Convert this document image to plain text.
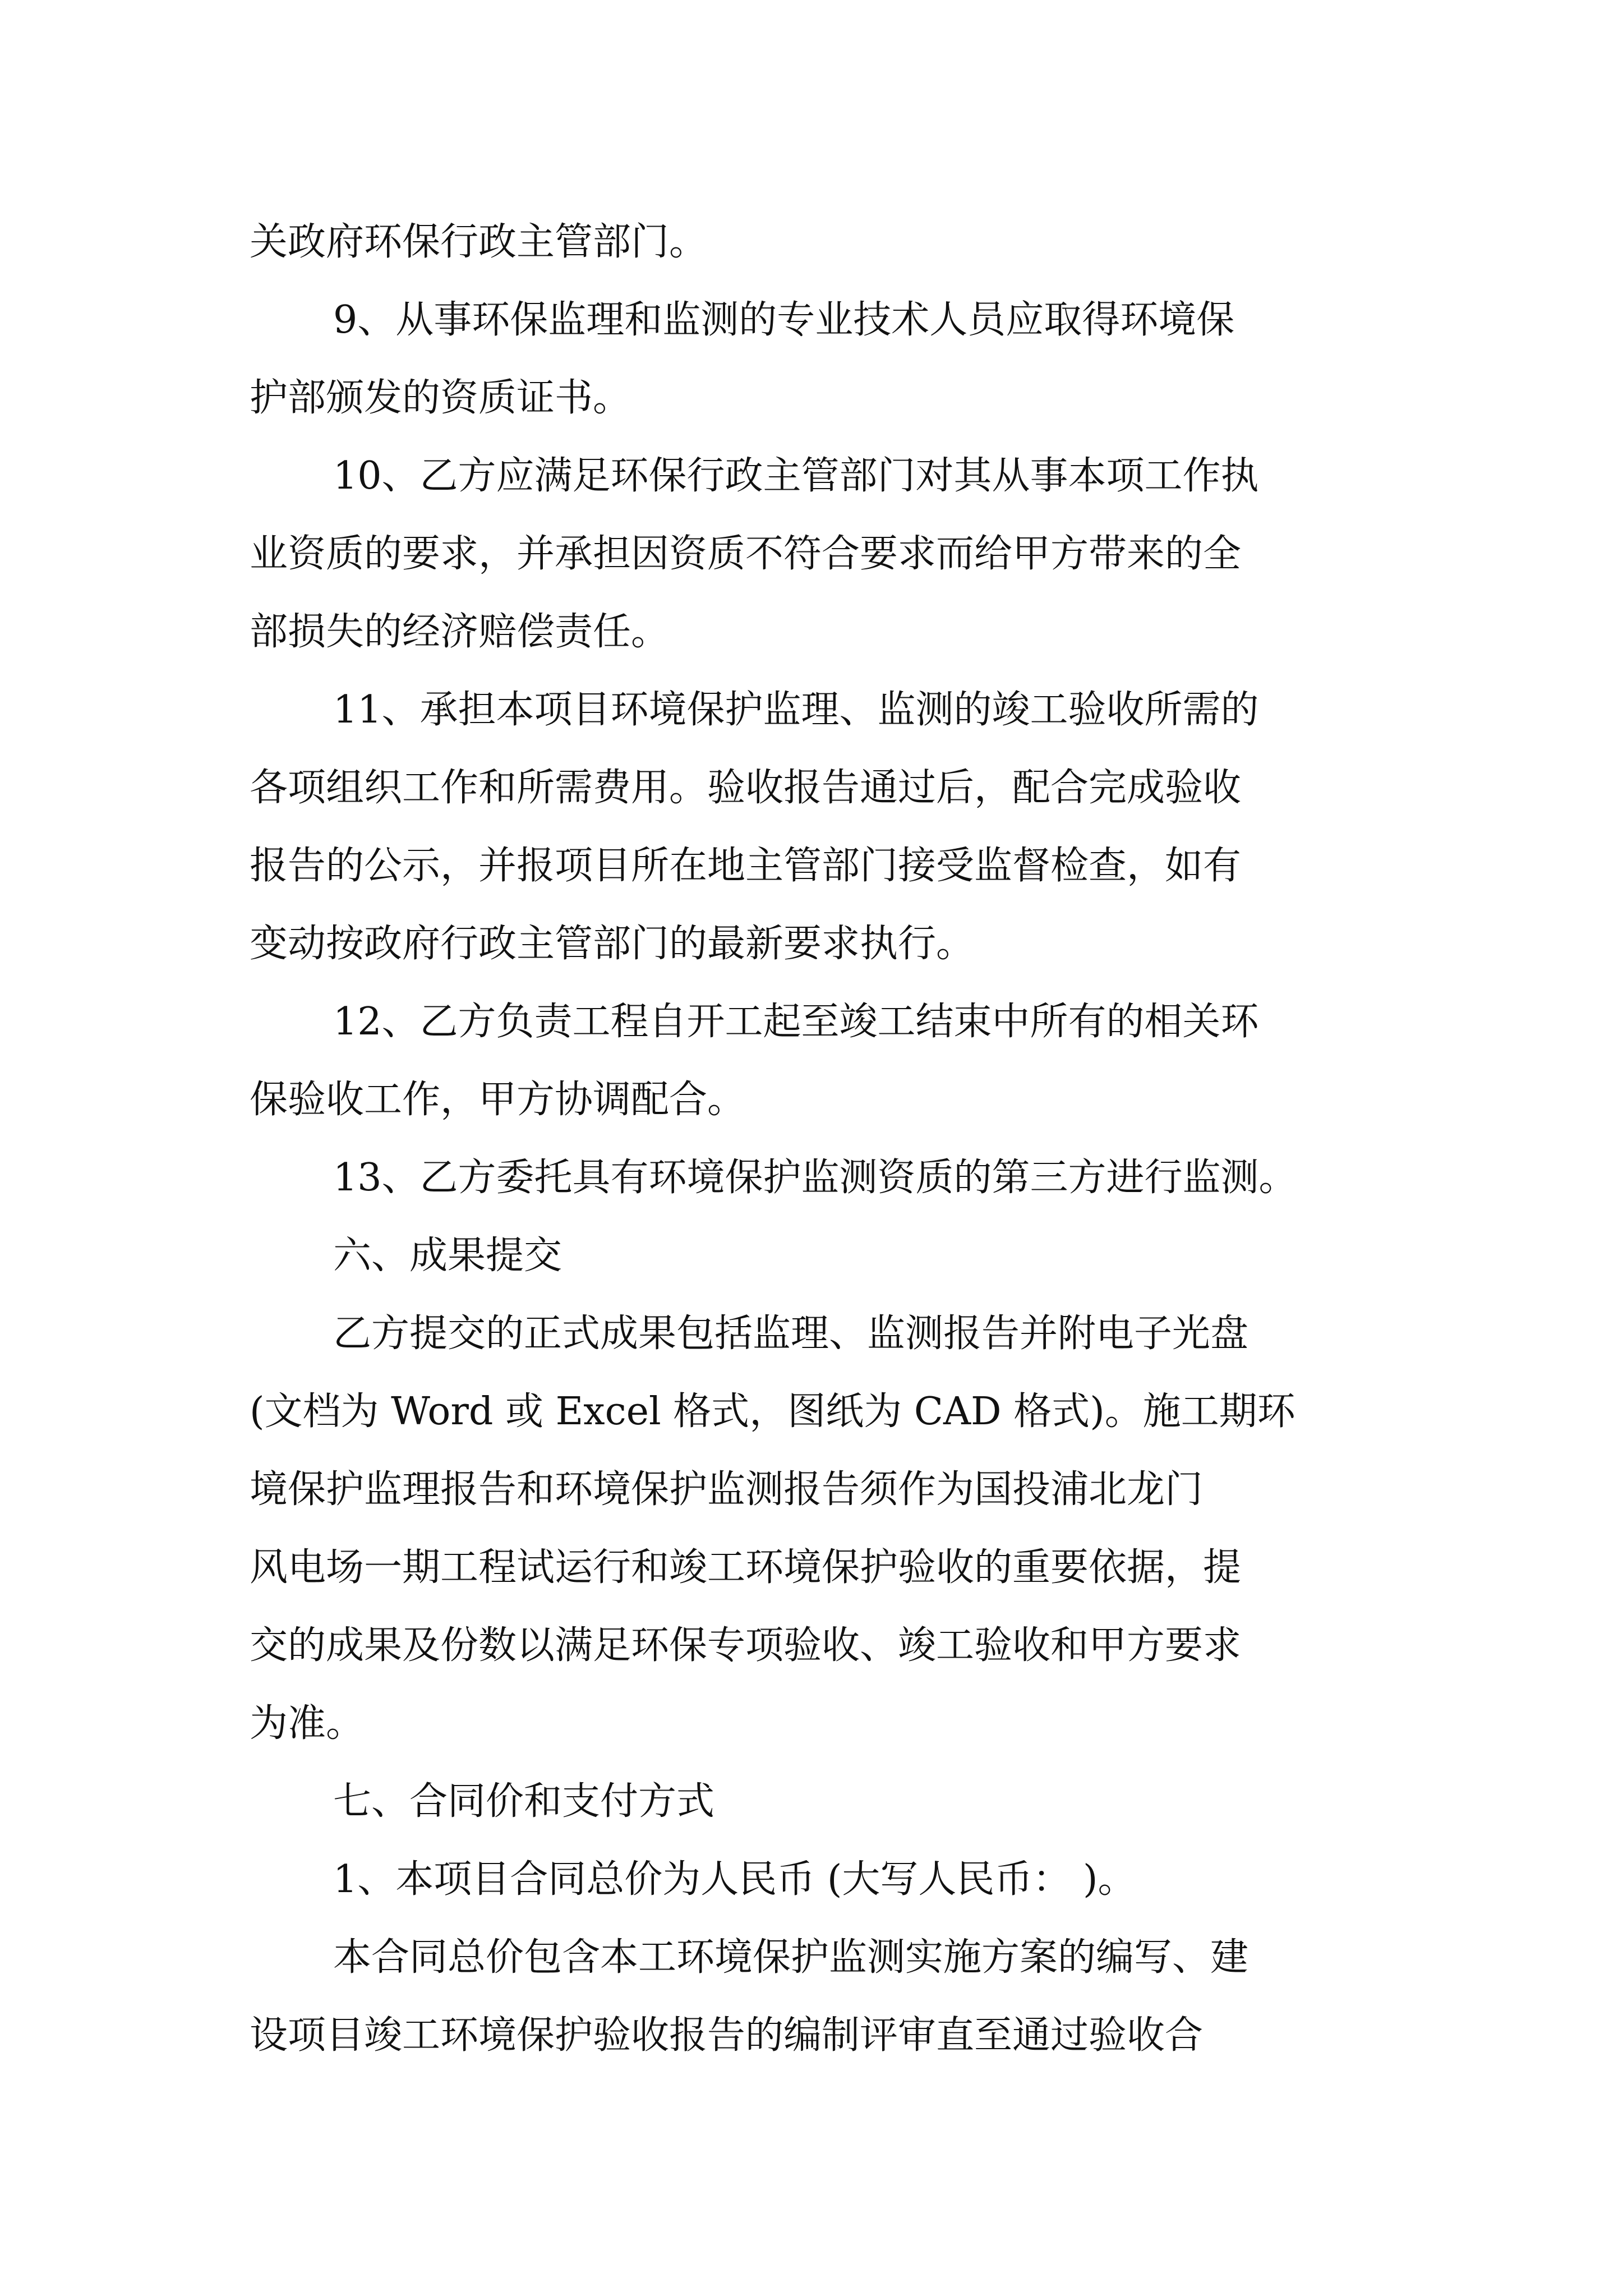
关政府环保行政主管部门。
9、从事环保监理和监测的专业技术人员应取得环境保
护部颁发的资质证书。
10、乙方应满足环保行政主管部门对其从事本项工作执
业资质的要求，并承担因资质不符合要求而给甲方带来的全
部损失的经济赔偿责任。
11、承担本项目环境保护监理、监测的竣工验收所需的
各项组织工作和所需费用。验收报告通过后，配合完成验收
报告的公示，并报项目所在地主管部门接受监督检查，如有
变动按政府行政主管部门的最新要求执行。
12、乙方负责工程自开工起至竣工结束中所有的相关环
保验收工作，甲方协调配合。
13、乙方委托具有环境保护监测资质的第三方进行监测。
六、成果提交
乙方提交的正式成果包括监理、监测报告并附电子光盘
(文档为 Word 或 Excel 格式，图纸为 CAD 格式)。施工期环
境保护监理报告和环境保护监测报告须作为国投浦北龙门
风电场一期工程试运行和竣工环境保护验收的重要依据，提
交的成果及份数以满足环保专项验收、竣工验收和甲方要求
为准。
七、合同价和支付方式
1、本项目合同总价为人民币 (大写人民币： )。
本合同总价包含本工环境保护监测实施方案的编写、建
设项目竣工环境保护验收报告的编制评审直至通过验收合
